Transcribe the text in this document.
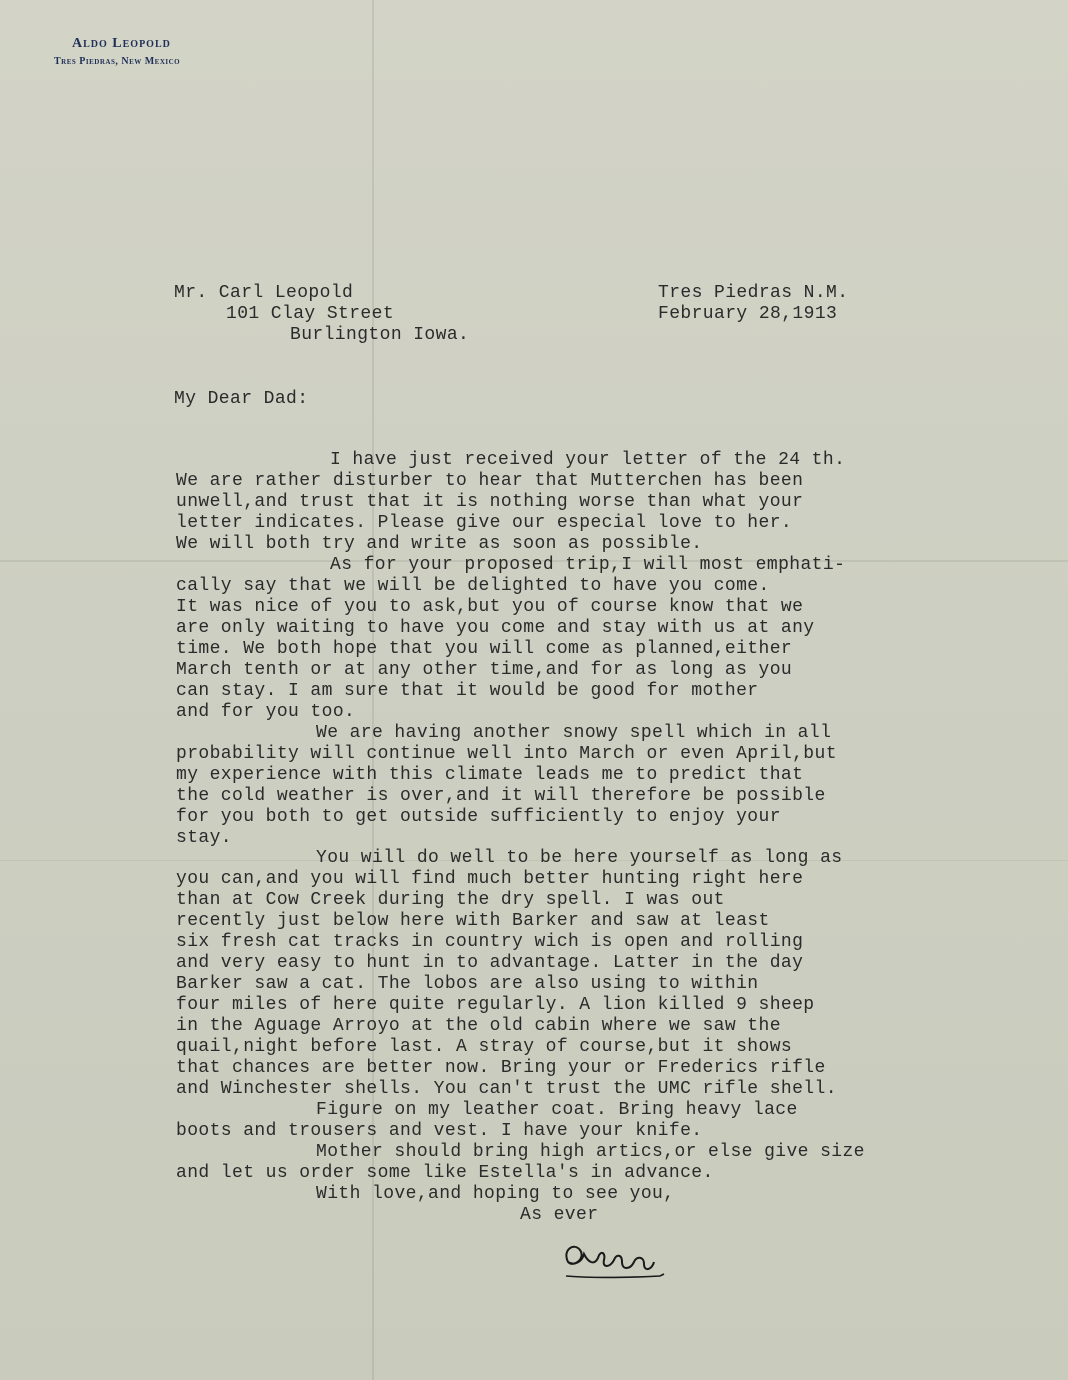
Aldo Leopold
Tres Piedras, New Mexico
Mr. Carl Leopold
101 Clay Street
Burlington Iowa.
Tres Piedras N.M.
February 28,1913
My Dear Dad:
I have just received your letter of the 24 th.
We are rather disturber to hear that Mutterchen has been
unwell,and trust that it is nothing worse than what your
letter indicates. Please give our especial love to her.
We will both try and write as soon as possible.
As for your proposed trip,I will most emphati-
cally say that we will be delighted to have you come.
It was nice of you to ask,but you of course know that we
are only waiting to have you come and stay with us at any
time. We both hope that you will come as planned,either
March tenth or at any other time,and for as long as you
can stay. I am sure that it would be good for mother
and for you too.
We are having another snowy spell which in all
probability will continue well into March or even April,but
my experience with this climate leads me to predict that
the cold weather is over,and it will therefore be possible
for you both to get outside sufficiently to enjoy your
stay.
You will do well to be here yourself as long as
you can,and you will find much better hunting right here
than at Cow Creek during the dry spell. I was out
recently just below here with Barker and saw at least
six fresh cat tracks in country wich is open and rolling
and very easy to hunt in to advantage. Latter in the day
Barker saw a cat. The lobos are also using to within
four miles of here quite regularly. A lion killed 9 sheep
in the Aguage Arroyo at the old cabin where we saw the
quail,night before last. A stray of course,but it shows
that chances are better now. Bring your or Frederics rifle
and Winchester shells. You can't trust the UMC rifle shell.
Figure on my leather coat. Bring heavy lace
boots and trousers and vest. I have your knife.
Mother should bring high artics,or else give size
and let us order some like Estella's in advance.
With love,and hoping to see you,
As ever
